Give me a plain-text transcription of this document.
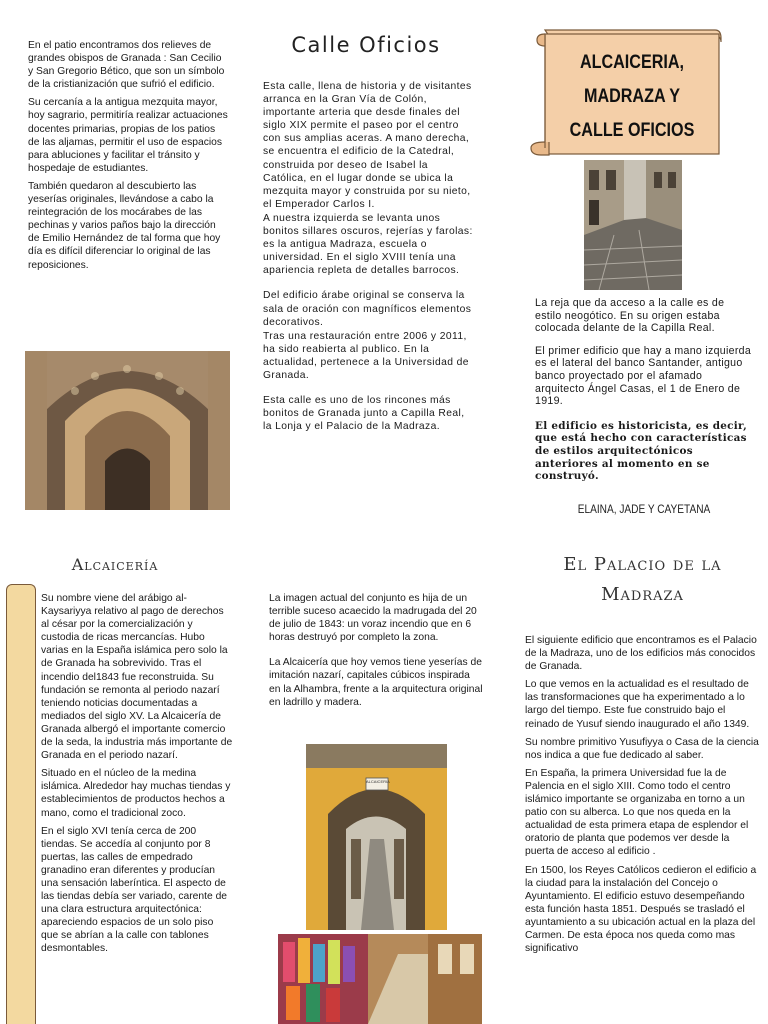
En el patio encontramos dos relieves de grandes obispos de Granada : San Cecilio y San Gregorio Bético, que son un símbolo de la cristianización que sufrió el edificio.

Su cercanía a la antigua mezquita mayor, hoy sagrario, permitiría realizar actuaciones docentes primarias, propias de los patios de las aljamas, permitir el uso de espacios para abluciones y facilitar el tránsito y hospedaje de estudiantes.

También quedaron al descubierto las yeserías originales, llevándose a cabo la reintegración de los mocárabes de las pechinas y varios paños bajo la dirección de Emilio Hernández de tal forma que hoy día es difícil diferenciar lo original de las reposiciones.

Calle Oficios

Esta calle, llena de historia y de visitantes arranca en la Gran Vía de Colón, importante arteria que desde finales del siglo XIX permite el paseo por el centro con sus amplias aceras. A mano derecha, se encuentra el edificio de la Catedral, construida por deseo de Isabel la Católica, en el lugar donde se ubica la mezquita mayor y construida por su nieto, el Emperador Carlos I.

A nuestra izquierda se levanta unos bonitos sillares oscuros, rejerías y farolas: es la antigua Madraza, escuela o universidad. En el siglo XVIII tenía una apariencia repleta de detalles barrocos.

Del edificio árabe original se conserva la sala de oración con magníficos elementos decorativos.

Tras una restauración entre 2006 y 2011, ha sido reabierta al publico. En la actualidad, pertenece a la Universidad de Granada.

Esta calle es uno de los rincones más bonitos de Granada junto a Capilla Real, la Lonja y el Palacio de la Madraza.

ALCAICERIA,
MADRAZA Y
CALLE OFICIOS

La reja que da acceso a la calle es de estilo neogótico. En su origen estaba colocada delante de la Capilla Real.

El primer edificio que hay a mano izquierda es el lateral del banco Santander, antiguo banco proyectado por el afamado arquitecto Ángel Casas, el 1 de Enero de 1919.

El edificio es historicista, es decir, que está hecho con características de estilos arquitectónicos anteriores al momento en se construyó.

ELAINA, JADE Y CAYETANA
Alcaicería

Su nombre viene del arábigo al-Kaysariyya relativo al pago de derechos al césar por la comercialización y custodia de ricas mercancías. Hubo varias en la España islámica pero solo la de Granada ha sobrevivido. Tras el incendio del1843 fue reconstruida. Su fundación se remonta al periodo nazarí teniendo noticias documentadas a mediados del siglo XV. La Alcaicería de Granada albergó el importante comercio de la seda, la industria más importante de Granada en el periodo nazarí.

Situado en el núcleo de la medina islámica. Alrededor hay muchas tiendas y establecimientos de productos hechos a mano, como el tradicional zoco.

En el siglo XVI tenía cerca de 200 tiendas. Se accedía al conjunto por 8 puertas, las calles de empedrado granadino eran diferentes y producían una sensación laberíntica. El aspecto de las tiendas debía ser variado, carente de una clara estructura arquitectónica: apareciendo espacios de un solo piso que se abrían a la calle con tablones desmontables.

La imagen actual del conjunto es hija de un terrible suceso acaecido la madrugada del 20 de julio de 1843: un voraz incendio que en 6 horas destruyó por completo la zona.

La Alcaicería que hoy vemos tiene yeserías de imitación nazarí, capitales cúbicos inspirada en la Alhambra, frente a la arquitectura original en ladrillo y madera.

ALCAICERIA
El Palacio de la
Madraza

El siguiente edificio que encontramos es el Palacio de la Madraza, uno de los edificios más conocidos de Granada.

Lo que vemos en la actualidad es el resultado de las transformaciones que ha experimentado a lo largo del tiempo. Este fue construido bajo el reinado de Yusuf siendo inaugurado el año 1349.

Su nombre primitivo Yusufiyya o Casa de la ciencia nos indica a que fue dedicado al saber.

En España, la primera Universidad fue la de Palencia en el siglo XIII. Como todo el centro islámico importante se organizaba en torno a un patio con su alberca. Lo que nos queda en la actualidad de esta primera etapa de esplendor el oratorio de planta que podemos ver desde la puerta de acceso al edificio .

En 1500, los Reyes Católicos cedieron el edificio a la ciudad para la instalación del Concejo o Ayuntamiento. El edificio estuvo desempeñando esta función hasta 1851. Después se trasladó el ayuntamiento a su ubicación actual en la plaza del Carmen. De esta época nos queda como mas significativo
